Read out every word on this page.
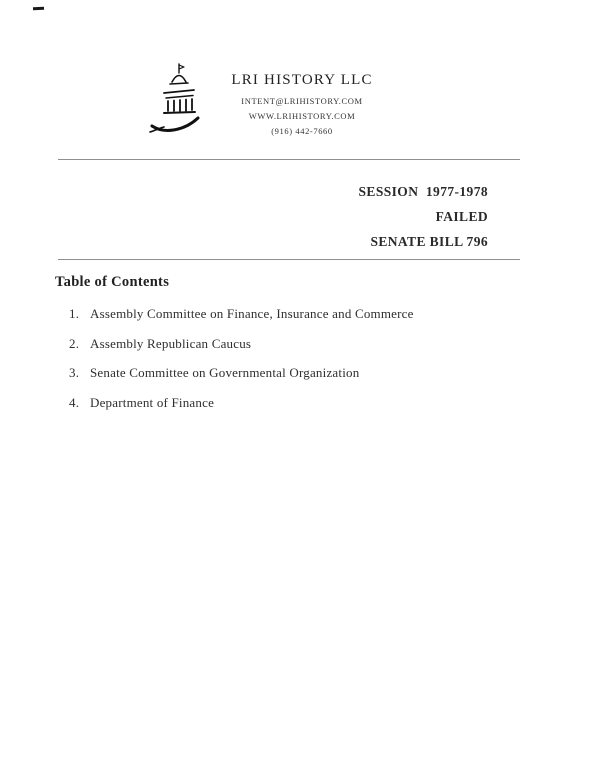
LRI HISTORY LLC
INTENT@LRIHISTORY.COM
WWW.LRIHISTORY.COM
(916) 442-7660
SESSION  1977-1978
FAILED
SENATE BILL 796
Table of Contents
1. Assembly Committee on Finance, Insurance and Commerce
2. Assembly Republican Caucus
3. Senate Committee on Governmental Organization
4. Department of Finance
